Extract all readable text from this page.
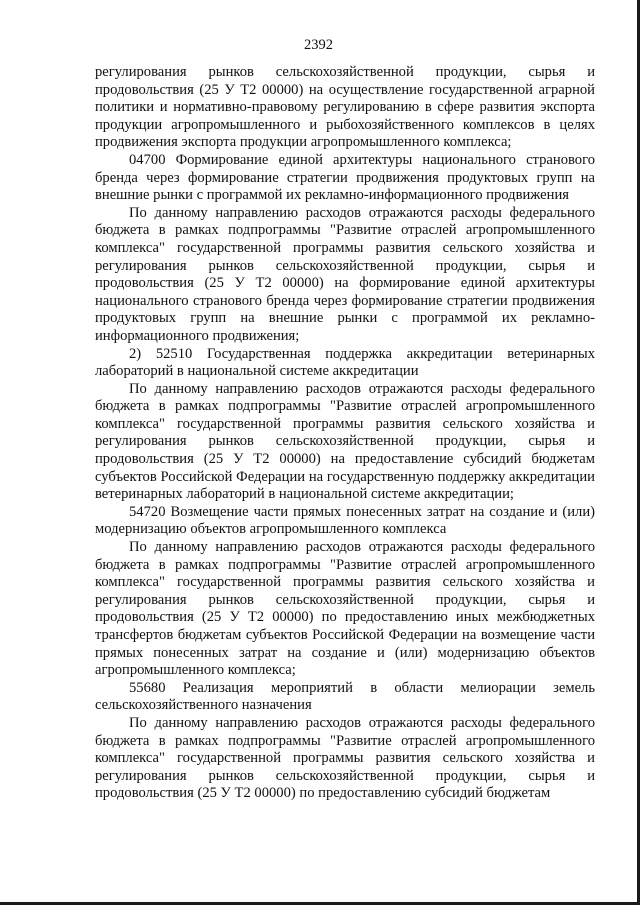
2392

регулирования рынков сельскохозяйственной продукции, сырья и продовольствия (25 У Т2 00000) на осуществление государственной аграрной политики и нормативно-правовому регулированию в сфере развития экспорта продукции агропромышленного и рыбохозяйственного комплексов в целях продвижения экспорта продукции агропромышленного комплекса;

04700 Формирование единой архитектуры национального странового бренда через формирование стратегии продвижения продуктовых групп на внешние рынки с программой их рекламно-информационного продвижения

По данному направлению расходов отражаются расходы федерального бюджета в рамках подпрограммы "Развитие отраслей агропромышленного комплекса" государственной программы развития сельского хозяйства и регулирования рынков сельскохозяйственной продукции, сырья и продовольствия (25 У Т2 00000) на формирование единой архитектуры национального странового бренда через формирование стратегии продвижения продуктовых групп на внешние рынки с программой их рекламно-информационного продвижения;

2) 52510 Государственная поддержка аккредитации ветеринарных лабораторий в национальной системе аккредитации

По данному направлению расходов отражаются расходы федерального бюджета в рамках подпрограммы "Развитие отраслей агропромышленного комплекса" государственной программы развития сельского хозяйства и регулирования рынков сельскохозяйственной продукции, сырья и продовольствия (25 У Т2 00000) на предоставление субсидий бюджетам субъектов Российской Федерации на государственную поддержку аккредитации ветеринарных лабораторий в национальной системе аккредитации;

54720 Возмещение части прямых понесенных затрат на создание и (или) модернизацию объектов агропромышленного комплекса

По данному направлению расходов отражаются расходы федерального бюджета в рамках подпрограммы "Развитие отраслей агропромышленного комплекса" государственной программы развития сельского хозяйства и регулирования рынков сельскохозяйственной продукции, сырья и продовольствия (25 У Т2 00000) по предоставлению иных межбюджетных трансфертов бюджетам субъектов Российской Федерации на возмещение части прямых понесенных затрат на создание и (или) модернизацию объектов агропромышленного комплекса;

55680 Реализация мероприятий в области мелиорации земель сельскохозяйственного назначения

По данному направлению расходов отражаются расходы федерального бюджета в рамках подпрограммы "Развитие отраслей агропромышленного комплекса" государственной программы развития сельского хозяйства и регулирования рынков сельскохозяйственной продукции, сырья и продовольствия (25 У Т2 00000) по предоставлению субсидий бюджетам
